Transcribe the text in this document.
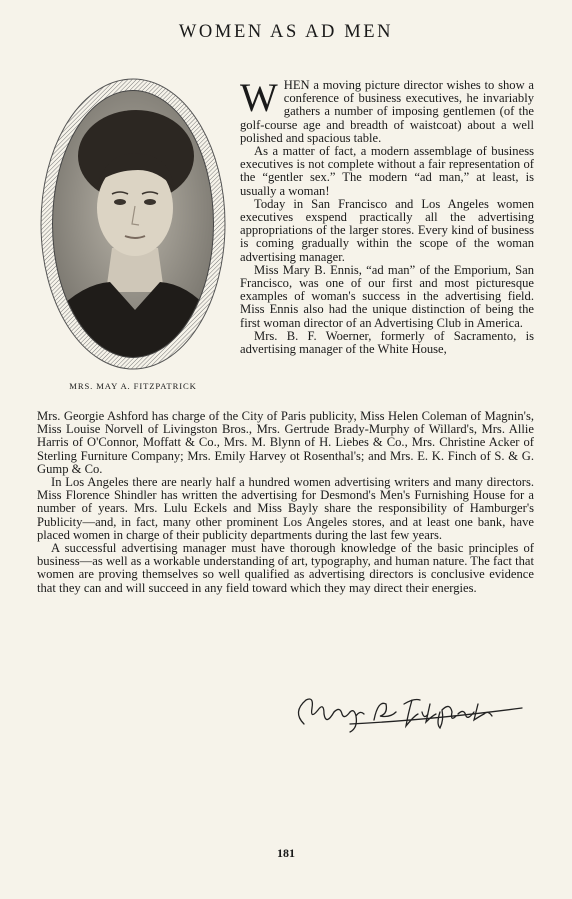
WOMEN AS AD MEN
MRS. MAY A. FITZPATRICK

WHEN a moving picture director wishes to show a conference of business executives, he invariably gathers a number of imposing gentlemen (of the golf-course age and breadth of waistcoat) about a well polished and spacious table.

As a matter of fact, a modern assemblage of business executives is not complete without a fair representation of the “gentler sex.” The modern “ad man,” at least, is usually a woman!

Today in San Francisco and Los Angeles women executives exspend practically all the advertising appropriations of the larger stores. Every kind of business is coming gradually within the scope of the woman advertising manager.

Miss Mary B. Ennis, “ad man” of the Emporium, San Francisco, was one of our first and most picturesque examples of woman's success in the advertising field. Miss Ennis also had the unique distinction of being the first woman director of an Advertising Club in America.

Mrs. B. F. Woerner, formerly of Sacramento, is advertising manager of the White House,

Mrs. Georgie Ashford has charge of the City of Paris publicity, Miss Helen Coleman of Magnin's, Miss Louise Norvell of Livingston Bros., Mrs. Gertrude Brady-Murphy of Willard's, Mrs. Allie Harris of O'Connor, Moffatt & Co., Mrs. M. Blynn of H. Liebes & Co., Mrs. Christine Acker of Sterling Furniture Company; Mrs. Emily Harvey ot Rosenthal's; and Mrs. E. K. Finch of S. & G. Gump & Co.

In Los Angeles there are nearly half a hundred women advertising writers and many directors. Miss Florence Shindler has written the advertising for Desmond's Men's Furnishing House for a number of years. Mrs. Lulu Eckels and Miss Bayly share the responsibility of Hamburger's Publicity—and, in fact, many other prominent Los Angeles stores, and at least one bank, have placed women in charge of their publicity departments during the last few years.

A successful advertising manager must have thorough knowledge of the basic principles of business—as well as a workable understanding of art, typography, and human nature. The fact that women are proving themselves so well qualified as advertising directors is conclusive evidence that they can and will succeed in any field toward which they may direct their energies.

181
